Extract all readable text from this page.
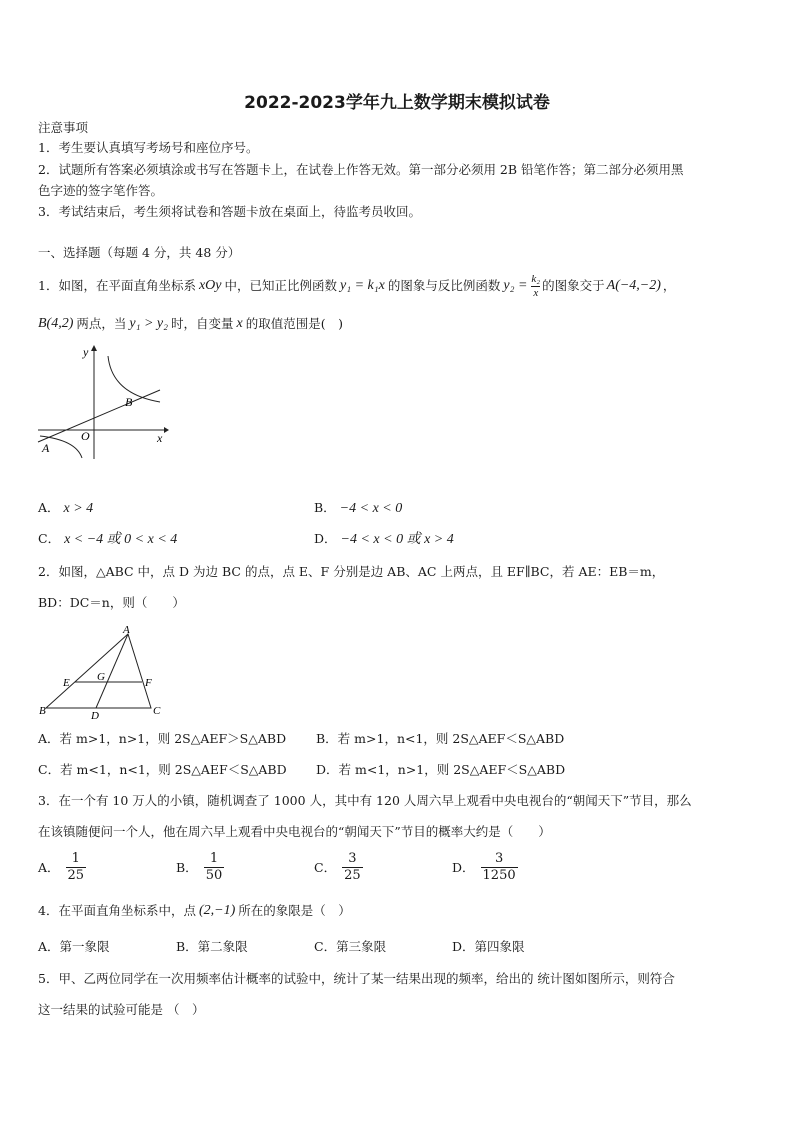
2022-2023学年九上数学期末模拟试卷
注意事项
1．考生要认真填写考场号和座位序号。
2．试题所有答案必须填涂或书写在答题卡上，在试卷上作答无效。第一部分必须用 2B 铅笔作答；第二部分必须用黑
色字迹的签字笔作答。
3．考试结束后，考生须将试卷和答题卡放在桌面上，待监考员收回。
一、选择题（每题 4 分，共 48 分）
1．如图，在平面直角坐标系 xOy 中，已知正比例函数 y₁ = k₁x 的图象与反比例函数 $y_2 = \frac{\text{k₂}}{x}$ 的图象交于 A(−4,−2) ，
B(4,2) 两点，当 y₁ > y₂ 时，自变量 x 的取值范围是(　)
y
x
O
A
B
A． x > 4	B． −4 < x < 0
C． x < −4 或 0 < x < 4	D． −4 < x < 0 或 x > 4
2．如图，△ABC 中，点 D 为边 BC 的点，点 E、F 分别是边 AB、AC 上两点，且 EF∥BC，若 AE：EB＝m，
BD：DC＝n，则（　　）
A
B	C
D
E	F
G
A．若 m>1，n>1，则 2S△AEF＞S△ABD B．若 m>1，n<1，则 2S△AEF＜S△ABD
C．若 m<1，n<1，则 2S△AEF＜S△ABD D．若 m<1，n>1，则 2S△AEF＜S△ABD
3．在一个有 10 万人的小镇，随机调查了 1000 人，其中有 120 人周六早上观看中央电视台的“朝闻天下”节目，那么
在该镇随便问一个人，他在周六早上观看中央电视台的“朝闻天下”节目的概率大约是（　　）
A． $\frac{1}{25}$	B． $\frac{1}{50}$	C． $\frac{3}{25}$	D． $\frac{3}{1250}$
4．在平面直角坐标系中，点 (2,−1) 所在的象限是（　）
A．第一象限	B．第二象限	C．第三象限	D．第四象限
5．甲、乙两位同学在一次用频率估计概率的试验中，统计了某一结果出现的频率，给出的 统计图如图所示，则符合
这一结果的试验可能是 （　）
